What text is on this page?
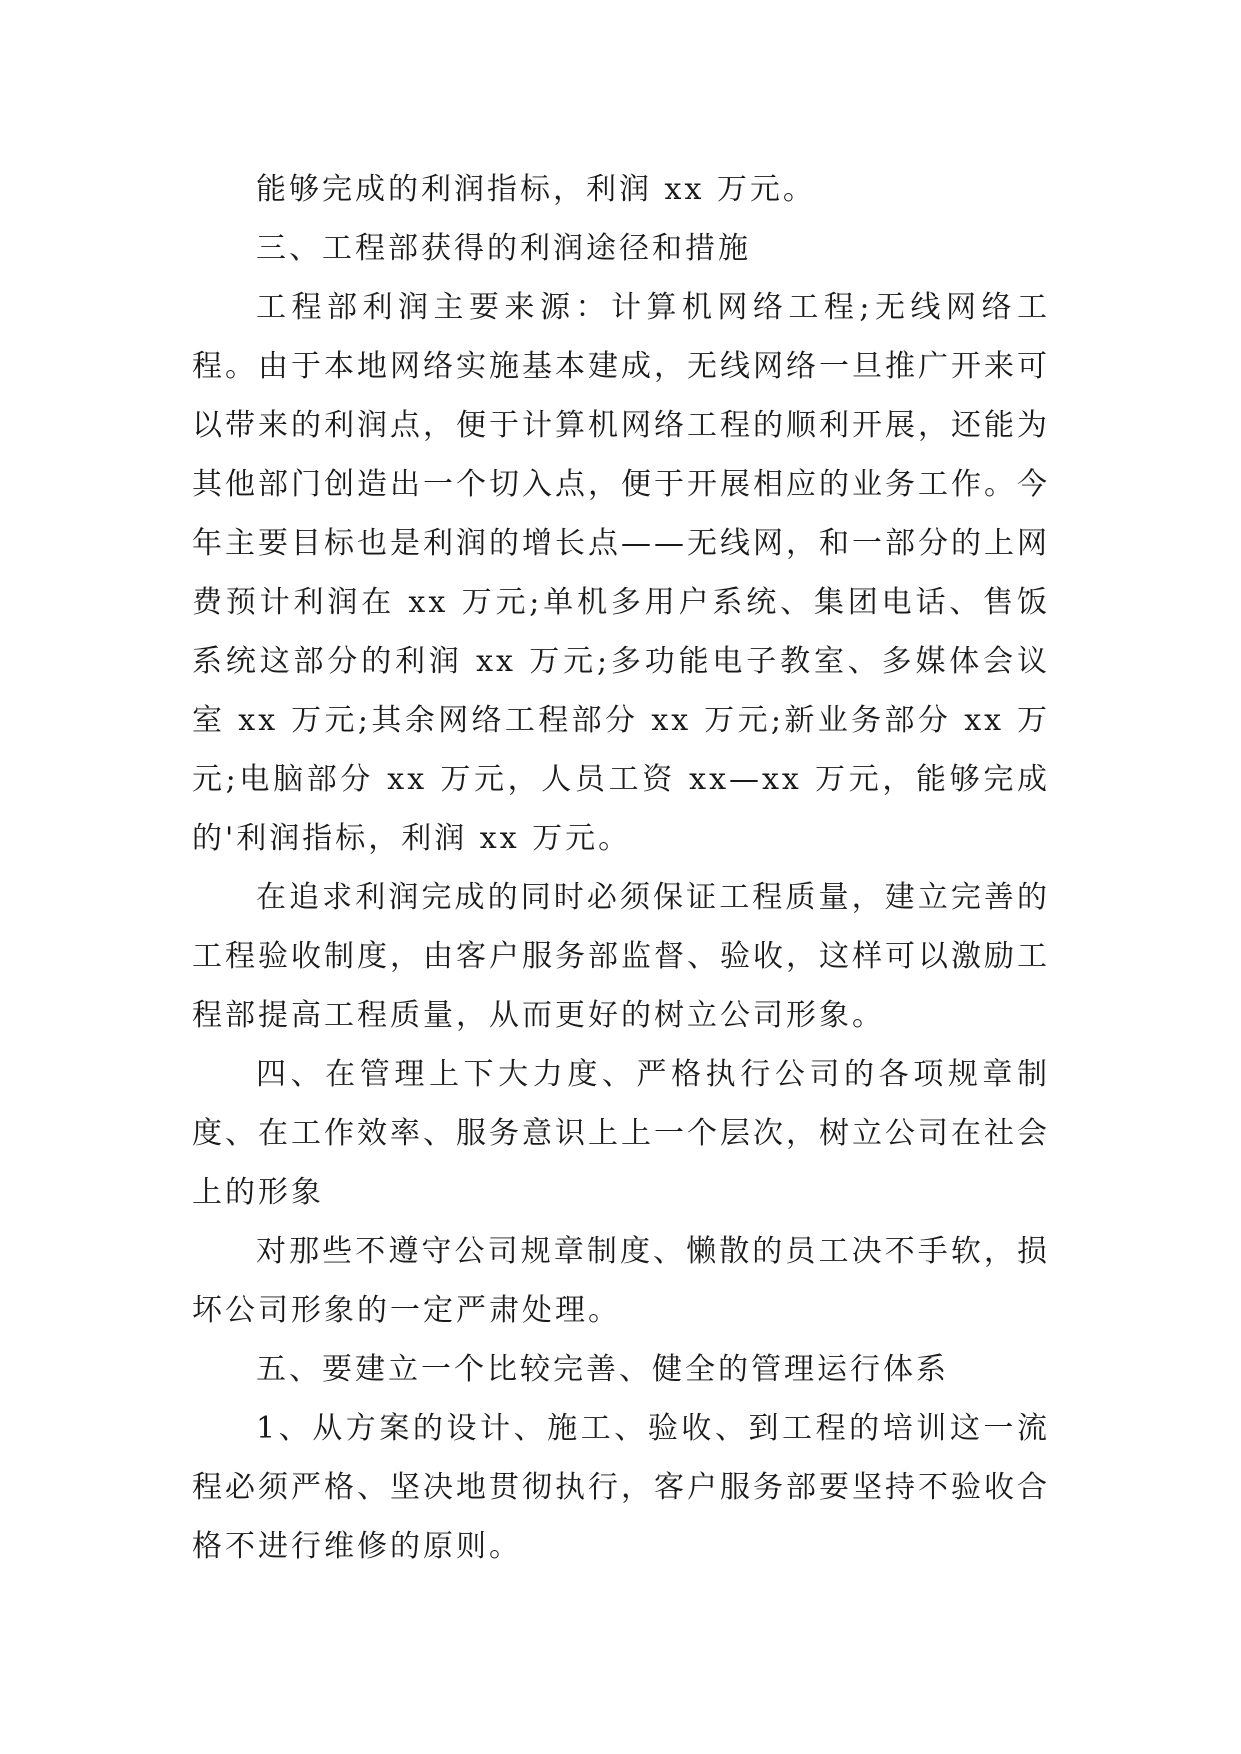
能够完成的利润指标，利润 xx 万元。

三、工程部获得的利润途径和措施

工程部利润主要来源：计算机网络工程;无线网络工程。由于本地网络实施基本建成，无线网络一旦推广开来可以带来的利润点，便于计算机网络工程的顺利开展，还能为其他部门创造出一个切入点，便于开展相应的业务工作。今年主要目标也是利润的增长点——无线网，和一部分的上网费预计利润在 xx 万元;单机多用户系统、集团电话、售饭系统这部分的利润 xx 万元;多功能电子教室、多媒体会议室 xx 万元;其余网络工程部分 xx 万元;新业务部分 xx 万元;电脑部分 xx 万元，人员工资 xx—xx 万元，能够完成的'利润指标，利润 xx 万元。

在追求利润完成的同时必须保证工程质量，建立完善的工程验收制度，由客户服务部监督、验收，这样可以激励工程部提高工程质量，从而更好的树立公司形象。

四、在管理上下大力度、严格执行公司的各项规章制度、在工作效率、服务意识上上一个层次，树立公司在社会上的形象

对那些不遵守公司规章制度、懒散的员工决不手软，损坏公司形象的一定严肃处理。

五、要建立一个比较完善、健全的管理运行体系

1、从方案的设计、施工、验收、到工程的培训这一流程必须严格、坚决地贯彻执行，客户服务部要坚持不验收合格不进行维修的原则。
